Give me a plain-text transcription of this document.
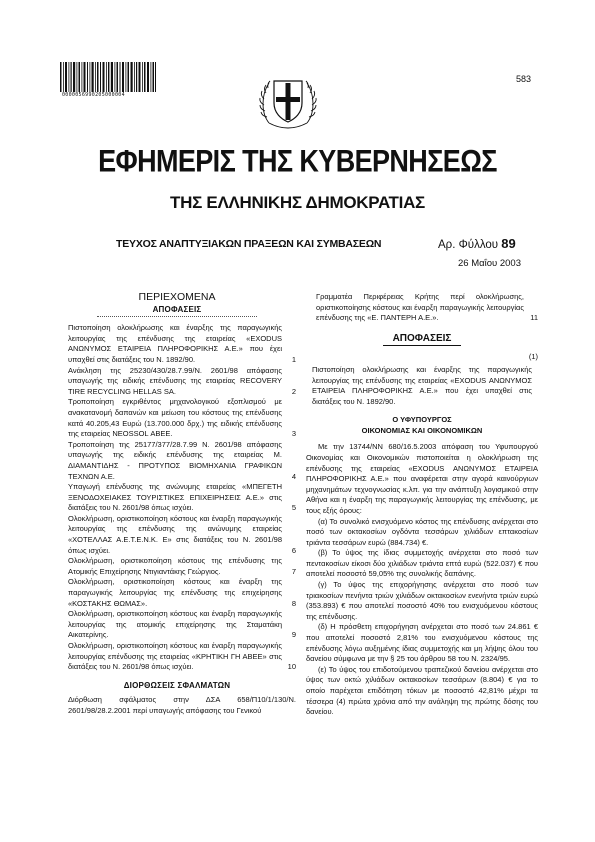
0000056990205000004
583
ΕΦΗΜΕΡΙΣ ΤΗΣ ΚΥΒΕΡΝΗΣΕΩΣ
ΤΗΣ ΕΛΛΗΝΙΚΗΣ ΔΗΜΟΚΡΑΤΙΑΣ
ΤΕΥΧΟΣ ΑΝΑΠΤΥΞΙΑΚΩΝ ΠΡΑΞΕΩΝ ΚΑΙ ΣΥΜΒΑΣΕΩΝ	Αρ. Φύλλου 89
26 Μαΐου 2003
ΠΕΡΙΕΧΟΜΕΝΑ
ΑΠΟΦΑΣΕΙΣ
Πιστοποίηση ολοκλήρωσης και έναρξης της παραγωγικής λειτουργίας της επένδυσης της εταιρείας «EXODUS ΑΝΩΝΥΜΟΣ ΕΤΑΙΡΕΙΑ ΠΛΗΡΟΦΟΡΙΚΗΣ Α.Ε.» που έχει υπαχθεί στις διατάξεις του Ν. 1892/90.	1
Ανάκληση της 25230/430/28.7.99/Ν. 2601/98 απόφασης υπαγωγής της ειδικής επένδυσης της εταιρείας RECOVERY TIRE RECYCLING HELLAS SA.	2
Τροποποίηση εγκριθέντος μηχανολογικού εξοπλισμού με ανακατανομή δαπανών και μείωση του κόστους της επένδυσης κατά 40.205,43 Ευρώ (13.700.000 δρχ.) της ειδικής επένδυσης της εταιρείας NEOSSOL ΑΒΕΕ.	3
Τροποποίηση της 25177/377/28.7.99 Ν. 2601/98 απόφασης υπαγωγής της ειδικής επένδυσης της εταιρείας Μ. ΔΙΑΜΑΝΤΙΔΗΣ - ΠΡΟΤΥΠΟΣ ΒΙΟΜΗΧΑΝΙΑ ΓΡΑΦΙΚΩΝ ΤΕΧΝΩΝ Α.Ε.	4
Υπαγωγή επένδυσης της ανώνυμης εταιρείας «ΜΠΕΓΕΤΗ ΞΕΝΟΔΟΧΕΙΑΚΕΣ ΤΟΥΡΙΣΤΙΚΕΣ ΕΠΙΧΕΙΡΗΣΕΙΣ Α.Ε.» στις διατάξεις του Ν. 2601/98 όπως ισχύει.	5
Ολοκλήρωση, οριστικοποίηση κόστους και έναρξη παραγωγικής λειτουργίας της επένδυσης της ανώνυμης εταιρείας «ΧΟΤΕΛΛΑΣ Α.Ε.Τ.Ε.Ν.Κ. Ε» στις διατάξεις του Ν. 2601/98 όπως ισχύει.	6
Ολοκλήρωση, οριστικοποίηση κόστους της επένδυσης της Ατομικής Επιχείρησης Ντιγιαντάκης Γεώργιος.	7
Ολοκλήρωση, οριστικοποίηση κόστους και έναρξη της παραγωγικής λειτουργίας της επένδυσης της επιχείρησης «ΚΟΣΤΑΚΗΣ ΘΩΜΑΣ».	8
Ολοκλήρωση, οριστικοποίηση κόστους και έναρξη παραγωγικής λειτουργίας της ατομικής επιχείρησης της Σταματάκη Αικατερίνης.	9
Ολοκλήρωση, οριστικοποίηση κόστους και έναρξη παραγωγικής λειτουργίας επένδυσης της εταιρείας «ΚΡΗΤΙΚΗ ΓΗ ΑΒΕΕ» στις διατάξεις του Ν. 2601/98 όπως ισχύει.	10
ΔΙΟΡΘΩΣΕΙΣ ΣΦΑΛΜΑΤΩΝ
Διόρθωση σφάλματος στην ΔΣΑ 658/Π10/1/130/Ν. 2601/98/28.2.2001 περί υπαγωγής απόφασης του Γενικού
Γραμματέα Περιφέρειας Κρήτης περί ολοκλήρωσης, οριστικοποίησης κόστους και έναρξη παραγωγικής λειτουργίας επένδυσης της «Ε. ΠΑΝΤΕΡΗ Α.Ε.».	11
ΑΠΟΦΑΣΕΙΣ
(1)
Πιστοποίηση ολοκλήρωσης και έναρξης της παραγωγικής λειτουργίας της επένδυσης της εταιρείας «EXODUS ΑΝΩΝΥΜΟΣ ΕΤΑΙΡΕΙΑ ΠΛΗΡΟΦΟΡΙΚΗΣ Α.Ε.» που έχει υπαχθεί στις διατάξεις του Ν. 1892/90.
Ο ΥΦΥΠΟΥΡΓΟΣ
ΟΙΚΟΝΟΜΙΑΣ ΚΑΙ ΟΙΚΟΝΟΜΙΚΩΝ

Με την 13744/ΝΝ 680/16.5.2003 απόφαση του Υφυπουργού Οικονομίας και Οικονομικών πιστοποιείται η ολοκλήρωση της επένδυσης της εταιρείας «EXODUS ΑΝΩΝΥΜΟΣ ΕΤΑΙΡΕΙΑ ΠΛΗΡΟΦΟΡΙΚΗΣ Α.Ε.» που αναφέρεται στην αγορά καινούργιων μηχανημάτων τεχνογνωσίας κ.λπ. για την ανάπτυξη λογισμικού στην Αθήνα και η έναρξη της παραγωγικής λειτουργίας της επένδυσης, με τους εξής όρους:

(α) Το συνολικό ενισχυόμενο κόστος της επένδυσης ανέρχεται στο ποσό των οκτακοσίων ογδόντα τεσσάρων χιλιάδων επτακοσίων τριάντα τεσσάρων ευρώ (884.734) €.

(β) Το ύψος της ίδιας συμμετοχής ανέρχεται στο ποσό των πεντακοσίων είκοσι δύο χιλιάδων τριάντα επτά ευρώ (522.037) € που αποτελεί ποσοστό 59,05% της συνολικής δαπάνης.

(γ) Το ύψος της επιχορήγησης ανέρχεται στο ποσό των τριακοσίων πενήντα τριών χιλιάδων οκτακοσίων ενενήντα τριών ευρώ (353.893) € που αποτελεί ποσοστό 40% του ενισχυόμενου κόστους της επένδυσης.

(δ) Η πρόσθετη επιχορήγηση ανέρχεται στο ποσό των 24.861 € που αποτελεί ποσοστό 2,81% του ενισχυόμενου κόστους της επένδυσης λόγω αυξημένης ίδιας συμμετοχής και μη λήψης όλου του δανείου σύμφωνα με την § 25 του άρθρου 58 του Ν. 2324/95.

(ε) Το ύψος του επιδοτούμενου τραπεζικού δανείου ανέρχεται στο ύψος των οκτώ χιλιάδων οκτακοσίων τεσσάρων (8.804) € για το οποίο παρέχεται επιδότηση τόκων με ποσοστό 42,81% μέχρι τα τέσσερα (4) πρώτα χρόνια από την ανάληψη της πρώτης δόσης του δανείου.
